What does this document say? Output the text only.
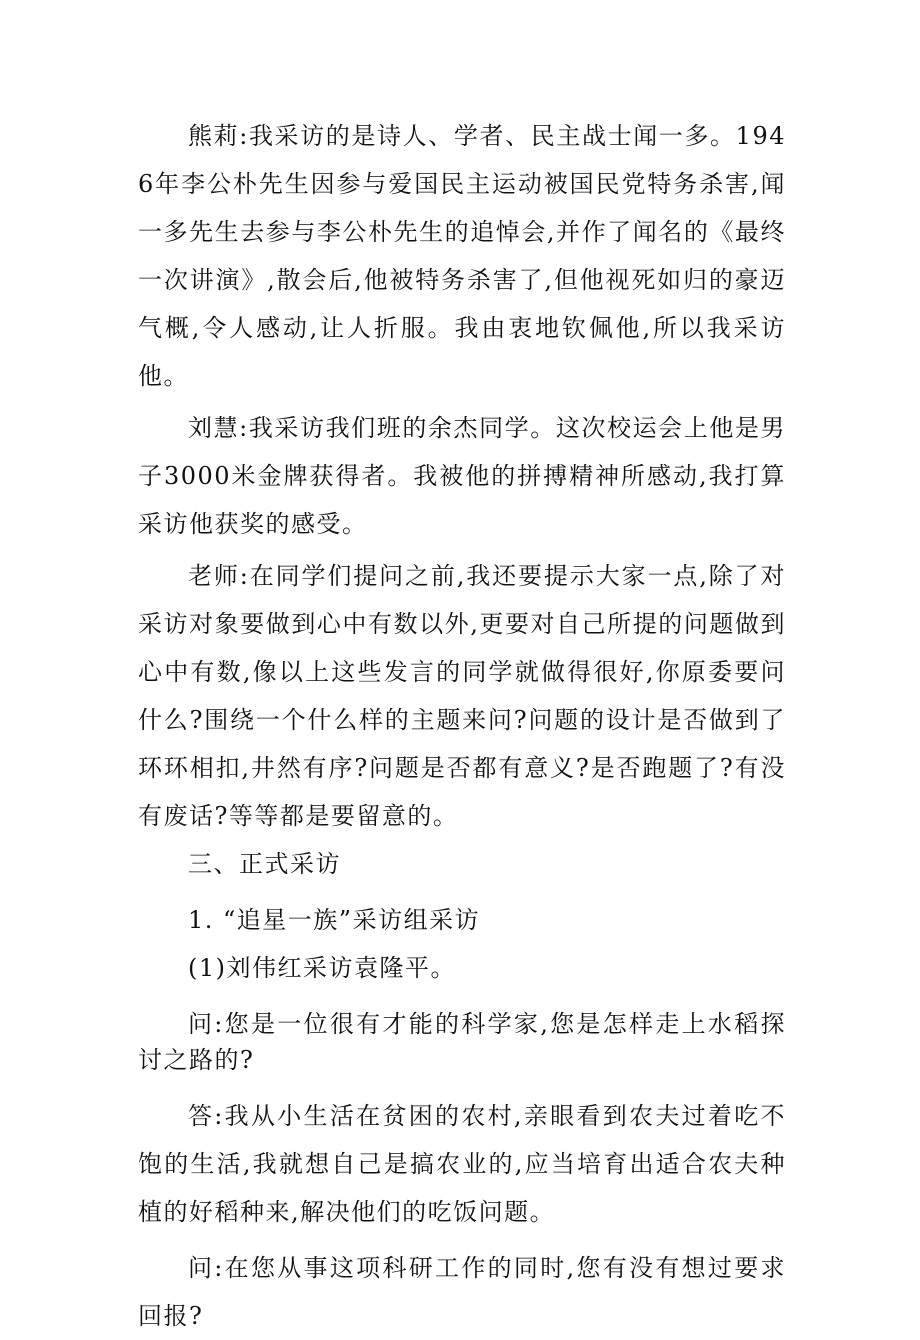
熊莉:我采访的是诗人、学者、民主战士闻一多。1946年李公朴先生因参与爱国民主运动被国民党特务杀害,闻一多先生去参与李公朴先生的追悼会,并作了闻名的《最终一次讲演》,散会后,他被特务杀害了,但他视死如归的豪迈气概,令人感动,让人折服。我由衷地钦佩他,所以我采访他。

刘慧:我采访我们班的余杰同学。这次校运会上他是男子3000米金牌获得者。我被他的拼搏精神所感动,我打算采访他获奖的感受。

老师:在同学们提问之前,我还要提示大家一点,除了对采访对象要做到心中有数以外,更要对自己所提的问题做到心中有数,像以上这些发言的同学就做得很好,你原委要问什么?围绕一个什么样的主题来问?问题的设计是否做到了环环相扣,井然有序?问题是否都有意义?是否跑题了?有没有废话?等等都是要留意的。

三、正式采访

1. “追星一族”采访组采访

(1)刘伟红采访袁隆平。

问:您是一位很有才能的科学家,您是怎样走上水稻探讨之路的?

答:我从小生活在贫困的农村,亲眼看到农夫过着吃不饱的生活,我就想自己是搞农业的,应当培育出适合农夫种植的好稻种来,解决他们的吃饭问题。

问:在您从事这项科研工作的同时,您有没有想过要求回报?
